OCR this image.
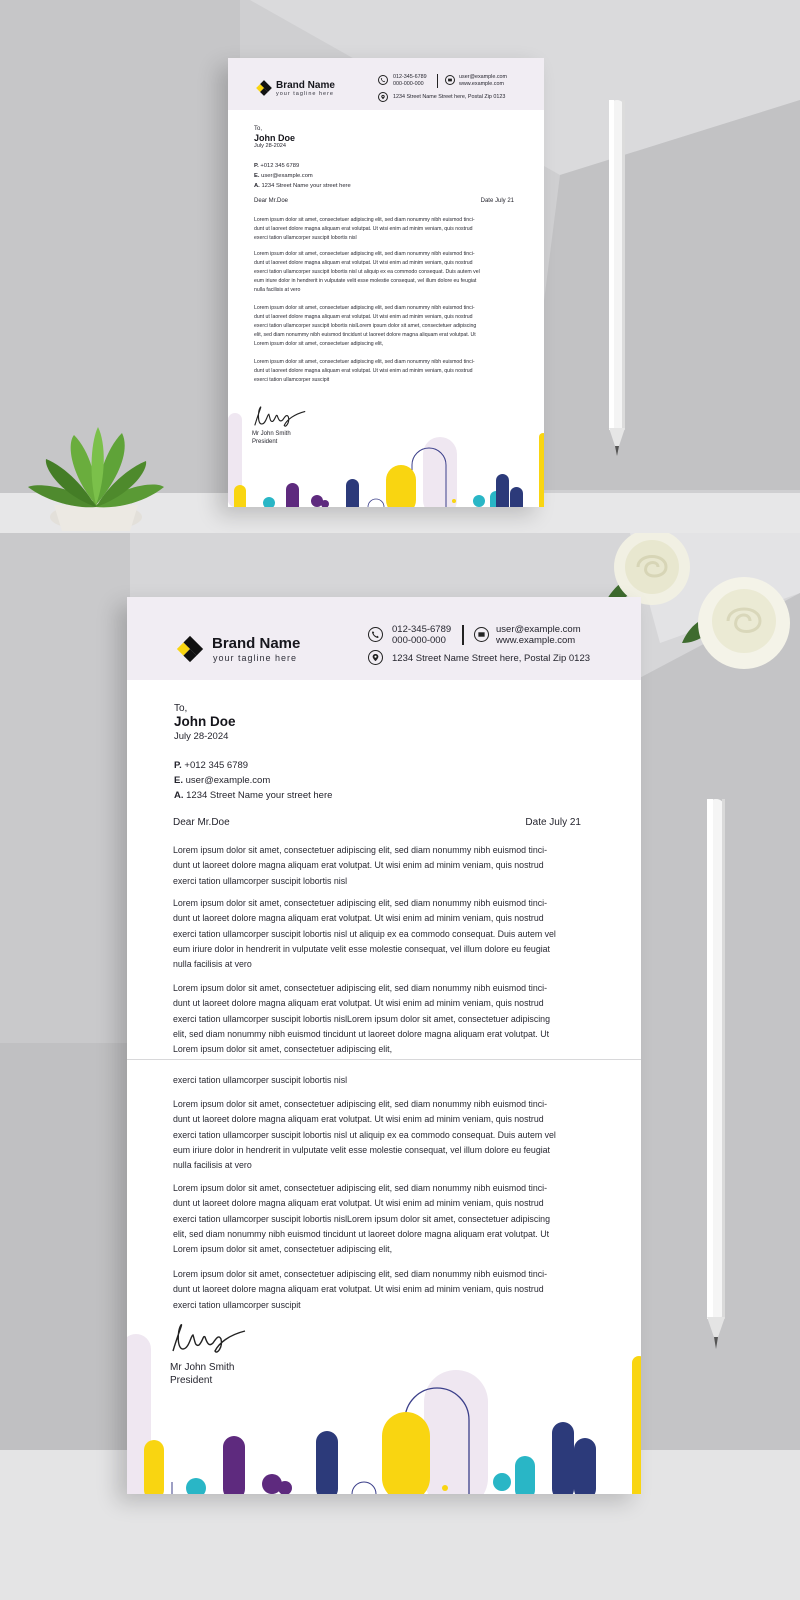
Brand Name
your tagline here
012-345-6789
000-000-000
user@example.com
www.example.com
1234 Street Name Street here, Postal Zip 0123
To,
John Doe
July 28-2024
P. +012 345 6789
E. user@example.com
A. 1234 Street Name your street here
Dear Mr.Doe	Date July 21
Lorem ipsum dolor sit amet, consectetuer adipiscing elit, sed diam nonummy nibh euismod tinci-
dunt ut laoreet dolore magna aliquam erat volutpat. Ut wisi enim ad minim veniam, quis nostrud
exerci tation ullamcorper suscipit lobortis nisl
Lorem ipsum dolor sit amet, consectetuer adipiscing elit, sed diam nonummy nibh euismod tinci-
dunt ut laoreet dolore magna aliquam erat volutpat. Ut wisi enim ad minim veniam, quis nostrud
exerci tation ullamcorper suscipit lobortis nisl ut aliquip ex ea commodo consequat. Duis autem vel
eum iriure dolor in hendrerit in vulputate velit esse molestie consequat, vel illum dolore eu feugiat
nulla facilisis at vero
Lorem ipsum dolor sit amet, consectetuer adipiscing elit, sed diam nonummy nibh euismod tinci-
dunt ut laoreet dolore magna aliquam erat volutpat. Ut wisi enim ad minim veniam, quis nostrud
exerci tation ullamcorper suscipit lobortis nislLorem ipsum dolor sit amet, consectetuer adipiscing
elit, sed diam nonummy nibh euismod tincidunt ut laoreet dolore magna aliquam erat volutpat. Ut
Lorem ipsum dolor sit amet, consectetuer adipiscing elit,
Lorem ipsum dolor sit amet, consectetuer adipiscing elit, sed diam nonummy nibh euismod tinci-
dunt ut laoreet dolore magna aliquam erat volutpat. Ut wisi enim ad minim veniam, quis nostrud
exerci tation ullamcorper suscipit
Mr John Smith
President
Brand Name
your tagline here
012-345-6789
000-000-000
user@example.com
www.example.com
1234 Street Name Street here, Postal Zip 0123
To,
John Doe
July 28-2024
P. +012 345 6789
E. user@example.com
A. 1234 Street Name your street here
Dear Mr.Doe	Date July 21
Lorem ipsum dolor sit amet, consectetuer adipiscing elit, sed diam nonummy nibh euismod tinci-
dunt ut laoreet dolore magna aliquam erat volutpat. Ut wisi enim ad minim veniam, quis nostrud
exerci tation ullamcorper suscipit lobortis nisl
Lorem ipsum dolor sit amet, consectetuer adipiscing elit, sed diam nonummy nibh euismod tinci-
dunt ut laoreet dolore magna aliquam erat volutpat. Ut wisi enim ad minim veniam, quis nostrud
exerci tation ullamcorper suscipit lobortis nisl ut aliquip ex ea commodo consequat. Duis autem vel
eum iriure dolor in hendrerit in vulputate velit esse molestie consequat, vel illum dolore eu feugiat
nulla facilisis at vero
Lorem ipsum dolor sit amet, consectetuer adipiscing elit, sed diam nonummy nibh euismod tinci-
dunt ut laoreet dolore magna aliquam erat volutpat. Ut wisi enim ad minim veniam, quis nostrud
exerci tation ullamcorper suscipit lobortis nislLorem ipsum dolor sit amet, consectetuer adipiscing
elit, sed diam nonummy nibh euismod tincidunt ut laoreet dolore magna aliquam erat volutpat. Ut
Lorem ipsum dolor sit amet, consectetuer adipiscing elit,
exerci tation ullamcorper suscipit lobortis nisl
Lorem ipsum dolor sit amet, consectetuer adipiscing elit, sed diam nonummy nibh euismod tinci-
dunt ut laoreet dolore magna aliquam erat volutpat. Ut wisi enim ad minim veniam, quis nostrud
exerci tation ullamcorper suscipit lobortis nisl ut aliquip ex ea commodo consequat. Duis autem vel
eum iriure dolor in hendrerit in vulputate velit esse molestie consequat, vel illum dolore eu feugiat
nulla facilisis at vero
Lorem ipsum dolor sit amet, consectetuer adipiscing elit, sed diam nonummy nibh euismod tinci-
dunt ut laoreet dolore magna aliquam erat volutpat. Ut wisi enim ad minim veniam, quis nostrud
exerci tation ullamcorper suscipit lobortis nislLorem ipsum dolor sit amet, consectetuer adipiscing
elit, sed diam nonummy nibh euismod tincidunt ut laoreet dolore magna aliquam erat volutpat. Ut
Lorem ipsum dolor sit amet, consectetuer adipiscing elit,
Lorem ipsum dolor sit amet, consectetuer adipiscing elit, sed diam nonummy nibh euismod tinci-
dunt ut laoreet dolore magna aliquam erat volutpat. Ut wisi enim ad minim veniam, quis nostrud
exerci tation ullamcorper suscipit
Mr John Smith
President
